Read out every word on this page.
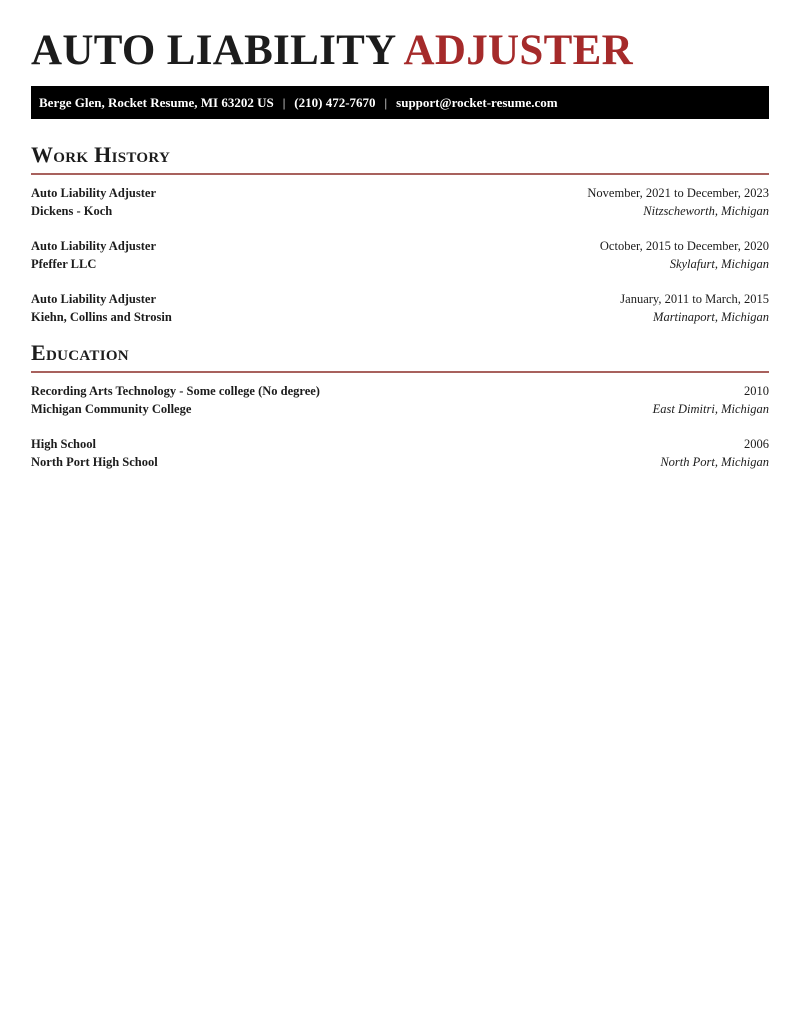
AUTO LIABILITY ADJUSTER
Berge Glen, Rocket Resume, MI 63202 US | (210) 472-7670 | support@rocket-resume.com
Work History
Auto Liability Adjuster	November, 2021 to December, 2023
Dickens - Koch	Nitzscheworth, Michigan
Auto Liability Adjuster	October, 2015 to December, 2020
Pfeffer LLC	Skylafurt, Michigan
Auto Liability Adjuster	January, 2011 to March, 2015
Kiehn, Collins and Strosin	Martinaport, Michigan
Education
Recording Arts Technology - Some college (No degree)	2010
Michigan Community College	East Dimitri, Michigan
High School	2006
North Port High School	North Port, Michigan
